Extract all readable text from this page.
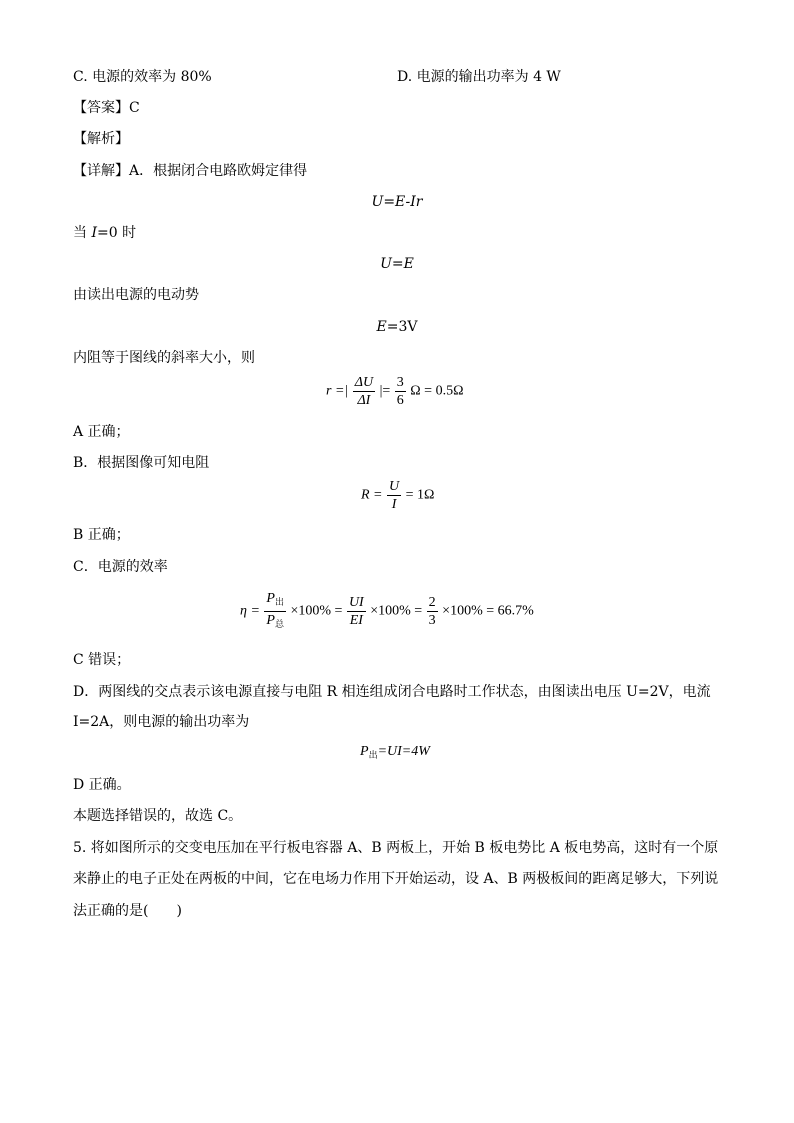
C. 电源的效率为 80%	D. 电源的输出功率为 4 W
【答案】C
【解析】
【详解】A．根据闭合电路欧姆定律得
U=E-Ir
当 I=0 时
U=E
由读出电源的电动势
E=3V
内阻等于图线的斜率大小，则
r =| $\frac{\Delta U}{\Delta I}$ |= $\frac{3}{6}$ Ω = 0.5Ω
A 正确；
B．根据图像可知电阻
$R = \frac{U}{I} = 1\Omega$
B 正确；
C．电源的效率
$\eta = \frac{P_出}{P_总} \times 100\% = \frac{UI}{EI} \times 100\% = \frac{2}{3} \times 100\% = 66.7\%$
C 错误；
D．两图线的交点表示该电源直接与电阻 R 相连组成闭合电路时工作状态，由图读出电压 U=2V，电流
I=2A，则电源的输出功率为
$P_出=UI=4W$
D 正确。
本题选择错误的，故选 C。
5. 将如图所示的交变电压加在平行板电容器 A、B 两板上，开始 B 板电势比 A 板电势高，这时有一个原
来静止的电子正处在两板的中间，它在电场力作用下开始运动，设 A、B 两极板间的距离足够大，下列说
法正确的是(　　)
